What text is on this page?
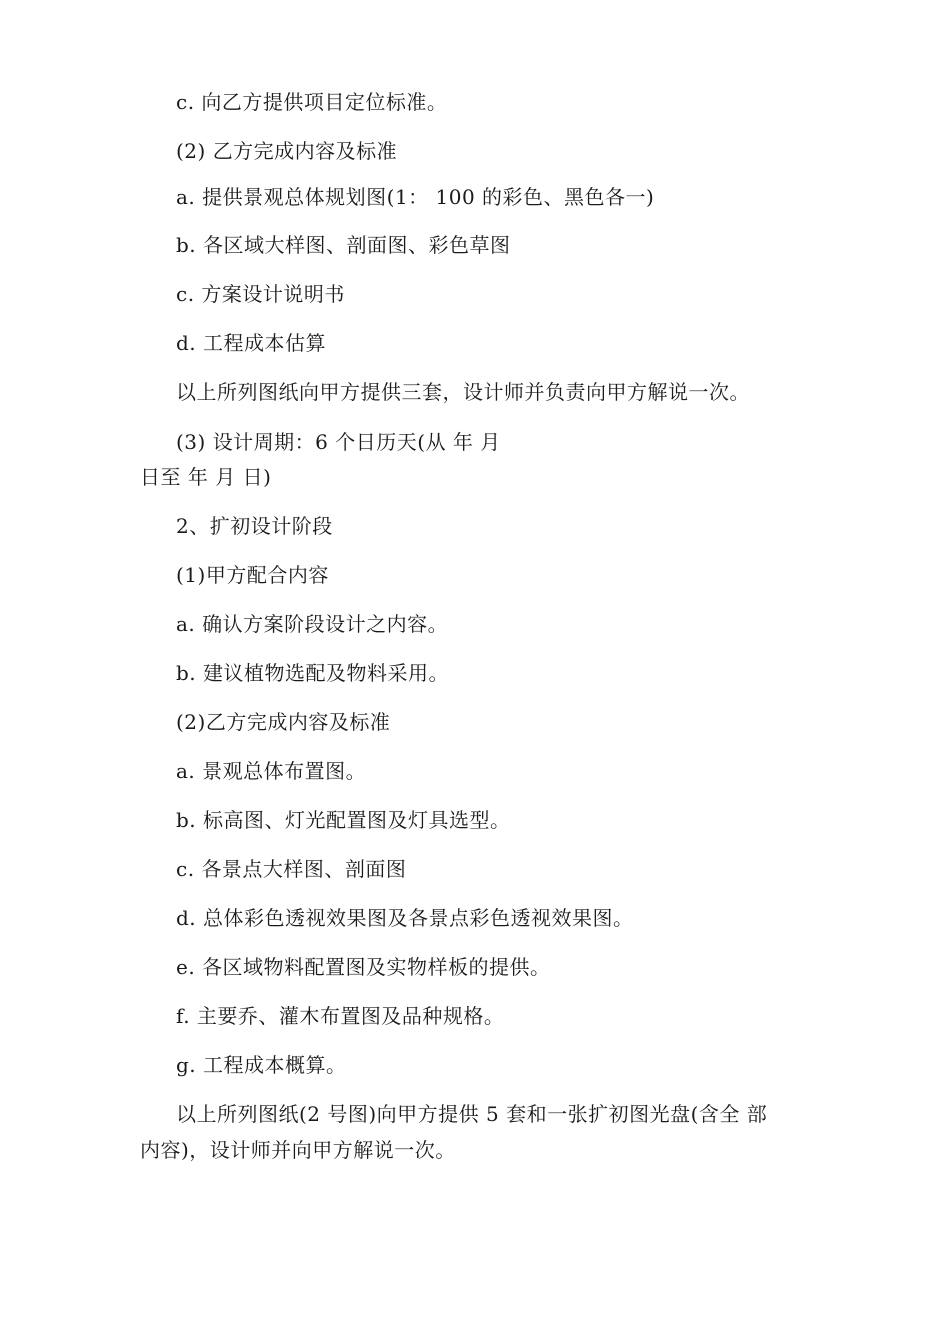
c. 向乙方提供项目定位标准。
(2) 乙方完成内容及标准
a. 提供景观总体规划图(1： 100 的彩色、黑色各一)
b. 各区域大样图、剖面图、彩色草图
c. 方案设计说明书
d. 工程成本估算
以上所列图纸向甲方提供三套，设计师并负责向甲方解说一次。
(3) 设计周期：6 个日历天(从 年 月
日至 年 月 日)
2、扩初设计阶段
(1)甲方配合内容
a. 确认方案阶段设计之内容。
b. 建议植物选配及物料采用。
(2)乙方完成内容及标准
a. 景观总体布置图。
b. 标高图、灯光配置图及灯具选型。
c. 各景点大样图、剖面图
d. 总体彩色透视效果图及各景点彩色透视效果图。
e. 各区域物料配置图及实物样板的提供。
f. 主要乔、灌木布置图及品种规格。
g. 工程成本概算。
以上所列图纸(2 号图)向甲方提供 5 套和一张扩初图光盘(含全 部
内容)，设计师并向甲方解说一次。
